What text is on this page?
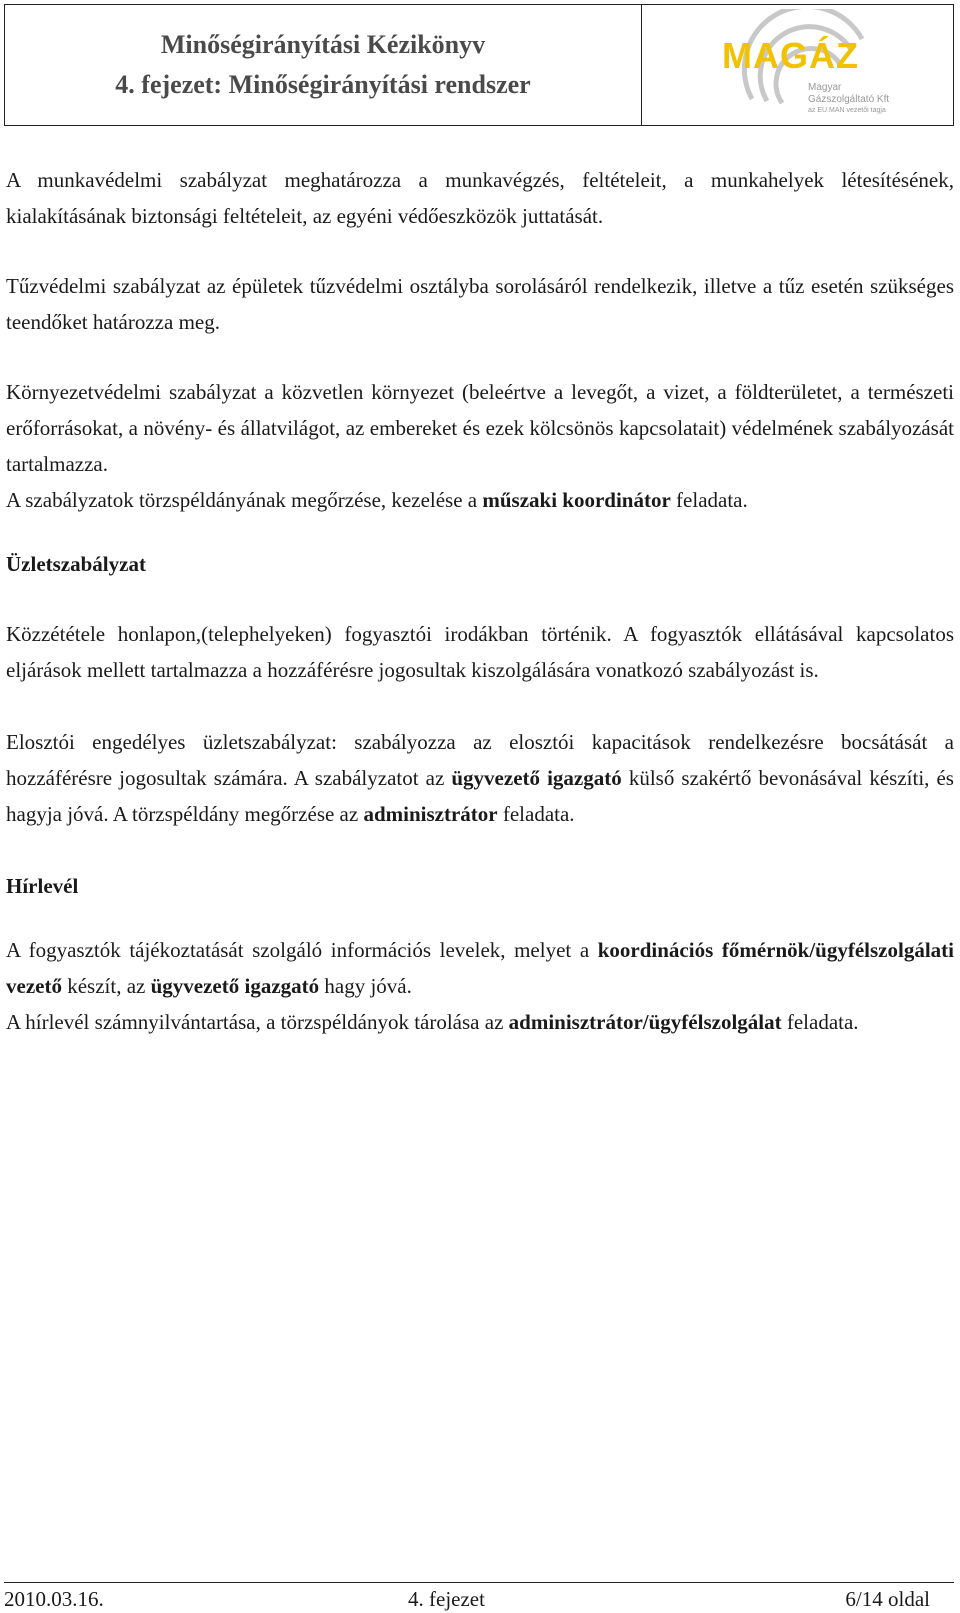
Minőségirányítási Kézikönyv
4. fejezet: Minőségirányítási rendszer
MAGÁZ
Magyar
Gázszolgáltató Kft
az EU.MAN vezetői tagja

A munkavédelmi szabályzat meghatározza a munkavégzés, feltételeit, a munkahelyek létesítésének, kialakításának biztonsági feltételeit, az egyéni védőeszközök juttatását.

Tűzvédelmi szabályzat az épületek tűzvédelmi osztályba sorolásáról rendelkezik, illetve a tűz esetén szükséges teendőket határozza meg.

Környezetvédelmi szabályzat a közvetlen környezet (beleértve a levegőt, a vizet, a földterületet, a természeti erőforrásokat, a növény- és állatvilágot, az embereket és ezek kölcsönös kapcsolatait) védelmének szabályozását tartalmazza.

A szabályzatok törzspéldányának megőrzése, kezelése a műszaki koordinátor feladata.

Üzletszabályzat

Közzététele honlapon,(telephelyeken) fogyasztói irodákban történik. A fogyasztók ellátásával kapcsolatos eljárások mellett tartalmazza a hozzáférésre jogosultak kiszolgálására vonatkozó szabályozást is.

Elosztói engedélyes üzletszabályzat: szabályozza az elosztói kapacitások rendelkezésre bocsátását a hozzáférésre jogosultak számára. A szabályzatot az ügyvezető igazgató külső szakértő bevonásával készíti, és hagyja jóvá. A törzspéldány megőrzése az adminisztrátor feladata.

Hírlevél

A fogyasztók tájékoztatását szolgáló információs levelek, melyet a koordinációs főmérnök/ügyfélszolgálati vezető készít, az ügyvezető igazgató hagy jóvá.

A hírlevél számnyilvántartása, a törzspéldányok tárolása az adminisztrátor/ügyfélszolgálat feladata.

2010.03.16.	4. fejezet	6/14 oldal
